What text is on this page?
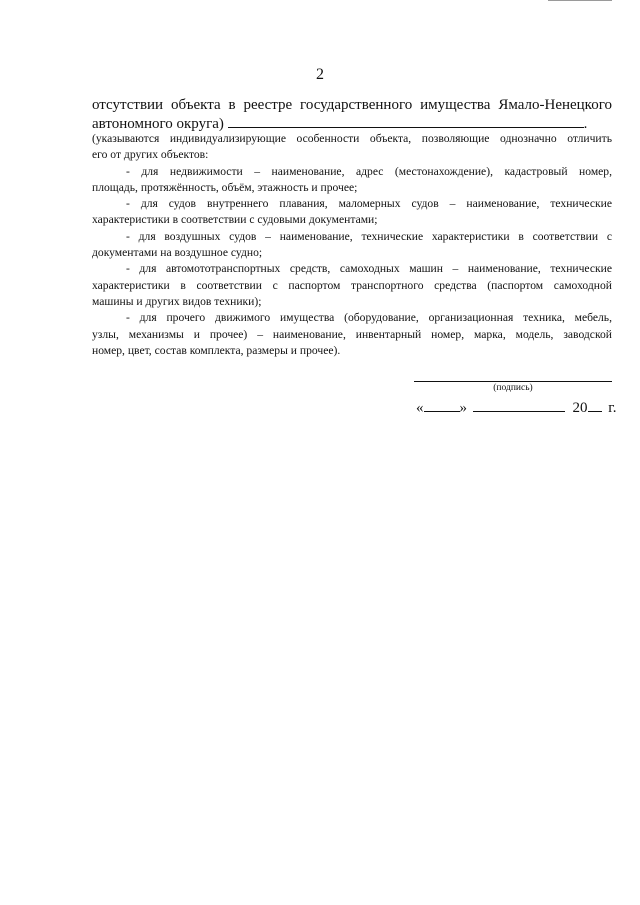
2
отсутствии объекта в реестре государственного имущества Ямало-Ненецкого
автономного округа)	.
(указываются индивидуализирующие особенности объекта, позволяющие однозначно отличить
его от других объектов:
- для недвижимости – наименование, адрес (местонахождение), кадастровый номер,
площадь, протяжённость, объём, этажность и прочее;
- для судов внутреннего плавания, маломерных судов – наименование, технические
характеристики в соответствии с судовыми документами;
- для воздушных судов – наименование, технические характеристики в соответствии с
документами на воздушное судно;
- для автомототранспортных средств, самоходных машин – наименование, технические
характеристики в соответствии с паспортом транспортного средства (паспортом самоходной
машины и других видов техники);
- для прочего движимого имущества (оборудование, организационная техника, мебель,
узлы, механизмы и прочее) – наименование, инвентарный номер, марка, модель, заводской
номер, цвет, состав комплекта, размеры и прочее).
(подпись)
« »	20 г.
